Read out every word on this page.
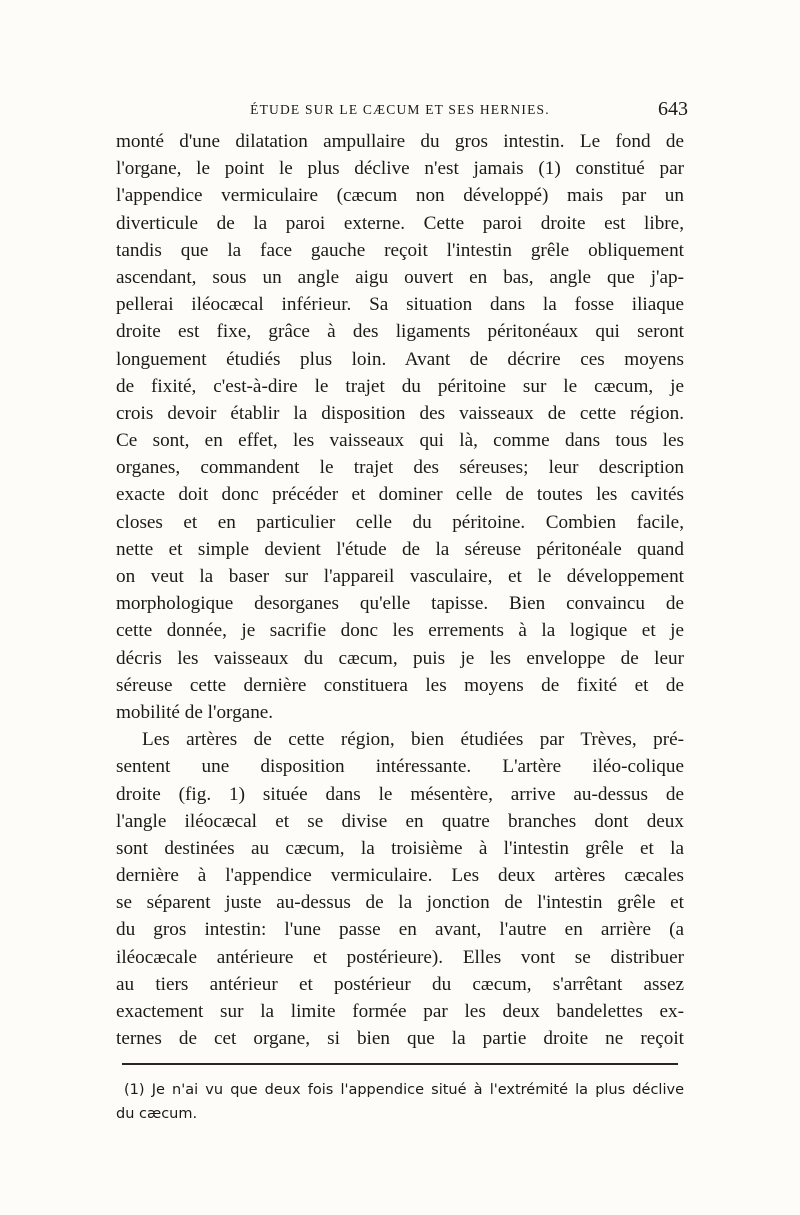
ÉTUDE SUR LE CÆCUM ET SES HERNIES.	643
monté d'une dilatation ampullaire du gros intestin. Le fond de
l'organe, le point le plus déclive n'est jamais (1) constitué par
l'appendice vermiculaire (cæcum non développé) mais par un
diverticule de la paroi externe. Cette paroi droite est libre,
tandis que la face gauche reçoit l'intestin grêle obliquement
ascendant, sous un angle aigu ouvert en bas, angle que j'ap-
pellerai iléocæcal inférieur. Sa situation dans la fosse iliaque
droite est fixe, grâce à des ligaments péritonéaux qui seront
longuement étudiés plus loin. Avant de décrire ces moyens
de fixité, c'est-à-dire le trajet du péritoine sur le cæcum, je
crois devoir établir la disposition des vaisseaux de cette région.
Ce sont, en effet, les vaisseaux qui là, comme dans tous les
organes, commandent le trajet des séreuses; leur description
exacte doit donc précéder et dominer celle de toutes les cavités
closes et en particulier celle du péritoine. Combien facile,
nette et simple devient l'étude de la séreuse péritonéale quand
on veut la baser sur l'appareil vasculaire, et le développement
morphologique desorganes qu'elle tapisse. Bien convaincu de
cette donnée, je sacrifie donc les errements à la logique et je
décris les vaisseaux du cæcum, puis je les enveloppe de leur
séreuse cette dernière constituera les moyens de fixité et de
mobilité de l'organe.
Les artères de cette région, bien étudiées par Trèves, pré-
sentent une disposition intéressante. L'artère iléo-colique
droite (fig. 1) située dans le mésentère, arrive au-dessus de
l'angle iléocæcal et se divise en quatre branches dont deux
sont destinées au cæcum, la troisième à l'intestin grêle et la
dernière à l'appendice vermiculaire. Les deux artères cæcales
se séparent juste au-dessus de la jonction de l'intestin grêle et
du gros intestin: l'une passe en avant, l'autre en arrière (a
iléocæcale antérieure et postérieure). Elles vont se distribuer
au tiers antérieur et postérieur du cæcum, s'arrêtant assez
exactement sur la limite formée par les deux bandelettes ex-
ternes de cet organe, si bien que la partie droite ne reçoit
(1) Je n'ai vu que deux fois l'appendice situé à l'extrémité la plus déclive
du cæcum.
